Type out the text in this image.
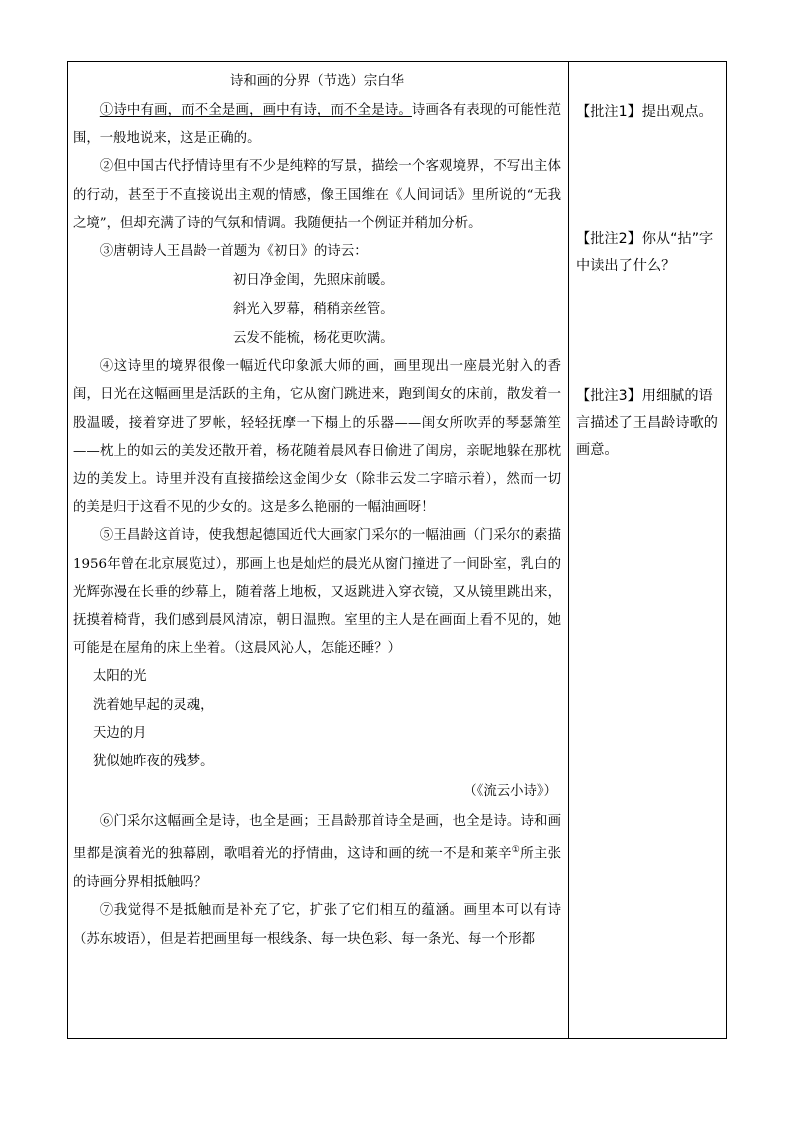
诗和画的分界（节选）宗白华

①诗中有画，而不全是画，画中有诗，而不全是诗。诗画各有表现的可能性范围，一般地说来，这是正确的。

②但中国古代抒情诗里有不少是纯粹的写景，描绘一个客观境界，不写出主体的行动，甚至于不直接说出主观的情感，像王国维在《人间词话》里所说的“无我之境”，但却充满了诗的气氛和情调。我随便拈一个例证并稍加分析。

③唐朝诗人王昌龄一首题为《初日》的诗云：

初日净金闺，先照床前暖。

斜光入罗幕，稍稍亲丝管。

云发不能梳，杨花更吹满。

④这诗里的境界很像一幅近代印象派大师的画，画里现出一座晨光射入的香闺，日光在这幅画里是活跃的主角，它从窗门跳进来，跑到闺女的床前，散发着一股温暖，接着穿进了罗帐，轻轻抚摩一下榻上的乐器——闺女所吹弄的琴瑟箫笙——枕上的如云的美发还散开着，杨花随着晨风春日偷进了闺房，亲昵地躲在那枕边的美发上。诗里并没有直接描绘这金闺少女（除非云发二字暗示着），然而一切的美是归于这看不见的少女的。这是多么艳丽的一幅油画呀！

⑤王昌龄这首诗，使我想起德国近代大画家门采尔的一幅油画（门采尔的素描1956年曾在北京展览过），那画上也是灿烂的晨光从窗门撞进了一间卧室，乳白的光辉弥漫在长垂的纱幕上，随着落上地板，又返跳进入穿衣镜，又从镜里跳出来，抚摸着椅背，我们感到晨风清凉，朝日温煦。室里的主人是在画面上看不见的，她可能是在屋角的床上坐着。（这晨风沁人，怎能还睡？）

太阳的光

洗着她早起的灵魂，

天边的月

犹似她昨夜的残梦。

（《流云小诗》）

⑥门采尔这幅画全是诗，也全是画；王昌龄那首诗全是画，也全是诗。诗和画里都是演着光的独幕剧，歌唱着光的抒情曲，这诗和画的统一不是和莱辛①所主张的诗画分界相抵触吗？

⑦我觉得不是抵触而是补充了它，扩张了它们相互的蕴涵。画里本可以有诗（苏东坡语），但是若把画里每一根线条、每一块色彩、每一条光、每一个形都

【批注1】提出观点。
【批注2】你从“拈”字中读出了什么？
【批注3】用细腻的语言描述了王昌龄诗歌的画意。
